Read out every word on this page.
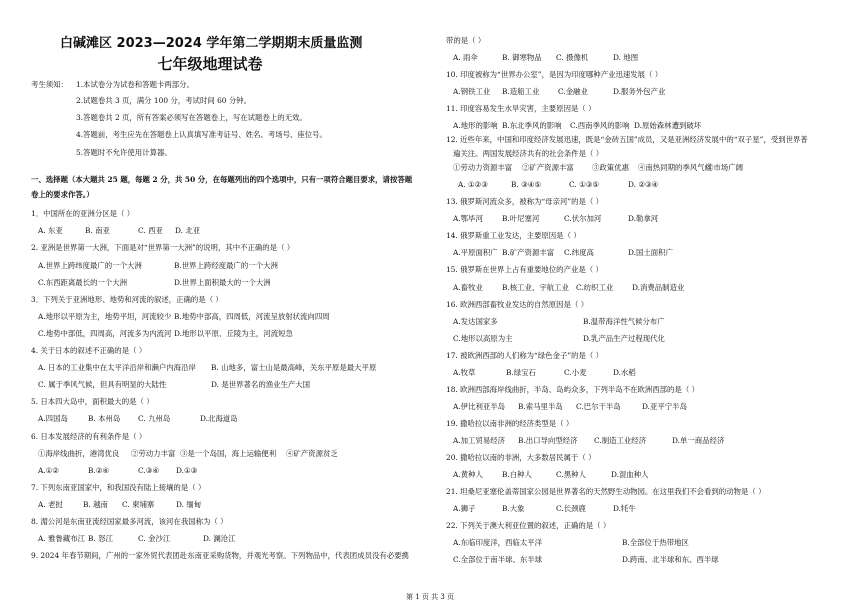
白碱滩区 2023—2024 学年第二学期期末质量监测
七年级地理试卷
考生须知： 1.本试卷分为试卷和答题卡两部分。
2.试题卷共 3 页，满分 100 分，考试时间 60 分钟。
3.答题卷共 2 页，所有答案必须写在答题卷上，写在试题卷上的无效。
4.答题前，考生应先在答题卷上认真填写准考证号、姓名、考场号、座位号。
5.答题时不允许使用计算器。
一、选择题（本大题共 25 题，每题 2 分，共 50 分，在每题列出的四个选项中，只有一项符合题目要求，请按答题
卷上的要求作答。）
1．中国所在的亚洲分区是（ ）
A. 东亚	B. 南亚	C. 西亚 D. 北亚
2. 亚洲是世界第一大洲，下面是对“世界第一大洲”的说明，其中不正确的是（ ）
A.世界上跨纬度最广的一个大洲	B.世界上跨经度最广的一个大洲
C.东西距离最长的一个大洲	D.世界上面积最大的一个大洲
3．下列关于亚洲地形、地势和河流的叙述，正确的是（ ）
A.地形以平原为主，地势平坦，河流较少 B.地势中部高，四周低，河流呈放射状流向四周
C.地势中部低，四周高，河流多为内流河 D.地形以平原、丘陵为主，河流短急
4. 关于日本的叙述不正确的是（ ）
A. 日本的工业集中在太平洋沿岸和濑户内海沿岸 B. 山地多，富士山是最高峰，关东平原是最大平原
C. 属于季风气候，但具有明显的大陆性	D. 是世界著名的渔业生产大国
5. 日本四大岛中，面积最大的是（ ）
A.四国岛	B. 本州岛 C. 九州岛	D.北海道岛
6. 日本发展经济的有利条件是（ ）
①海岸线曲折，港湾优良 ②劳动力丰富 ③是一个岛国，海上运输便利 ④矿产资源贫乏
A.①②	B.②④	C.③④ D.①③
7. 下列东南亚国家中，和我国没有陆上接壤的是（ ）
A. 老挝	B. 越南 C. 柬埔寨	D. 缅甸
8. 湄公河是东南亚流经国家最多河流，该河在我国称为（ ）
A. 雅鲁藏布江 B. 怒江	C. 金沙江	D. 澜沧江
9. 2024 年春节期间，广州的一家外贸代表团赴东南亚采购货物，并观光考察。下列物品中，代表团成员没有必要携
带的是（ ）
A. 雨伞	B. 御寒物品 C. 摄像机	D. 地图
10. 印度被称为“世界办公室”，是因为印度哪种产业迅速发展（ ）
A.钢铁工业 B.造船工业	C.金融业	D.服务外包产业
11. 印度容易发生水旱灾害，主要原因是（ ）
A.地形的影响 B.东北季风的影响 C.西南季风的影响 D.原始森林遭到破坏
12. 近些年来，中国和印度经济发展迅速，既是“金砖五国”成员，又是亚洲经济发展中的“双子星”，受到世界普
遍关注。两国发展经济共有的社会条件是（ ）
①劳动力资源丰富 ②矿产资源丰富 ③政策优惠 ④南热同期的季风气候
⑤市场广阔
A. ①②③	B. ③④⑤	C. ①③⑤	D. ②③④
13. 俄罗斯河流众多，被称为“母亲河”的是（ ）
A.鄂毕河	B.叶尼塞河	C.伏尔加河	D.勒拿河
14. 俄罗斯重工业发达，主要原因是（ ）
A.平原面积广 B.矿产资源丰富 C.纬度高	D.国土面积广
15. 俄罗斯在世界上占有重要地位的产业是（ ）
A.畜牧业	B.核工业、宇航工业 C.纺织工业	D.消费品制造业
16. 欧洲西部畜牧业发达的自然原因是（ ）
A.发达国家多	B.温带海洋性气候分布广
C.地形以高原为主	D.乳产品生产过程现代化
17. 被欧洲西部的人们称为“绿色金子”的是（ ）
A.牧草	B.绿宝石	C.小麦	D.水稻
18. 欧洲西部海岸线曲折，半岛、岛屿众多，下列半岛不在欧洲西部的是（ ）
A.伊比利亚半岛 B.索马里半岛 C.巴尔干半岛	D.亚平宁半岛
19. 撒哈拉以南非洲的经济类型是（ ）
A.加工贸易经济 B.出口导向型经济 C.制造工业经济	D.单一商品经济
20. 撒哈拉以南的非洲，大多数居民属于（ ）
A.黄种人	B.白种人	C.黑种人	D.混血种人
21. 坦桑尼亚塞伦盖蒂国家公园是世界著名的天然野生动物园。在这里我们不会看到的动物是（ ）
A.狮子	B.大象	C.长颈鹿	D.牦牛
22. 下列关于澳大利亚位置的叙述，正确的是（ ）
A.东临印度洋，西临太平洋	B.全部位于热带地区
C.全部位于南半球、东半球	D.跨南、北半球和东、西半球
第 1 页 共 3 页
